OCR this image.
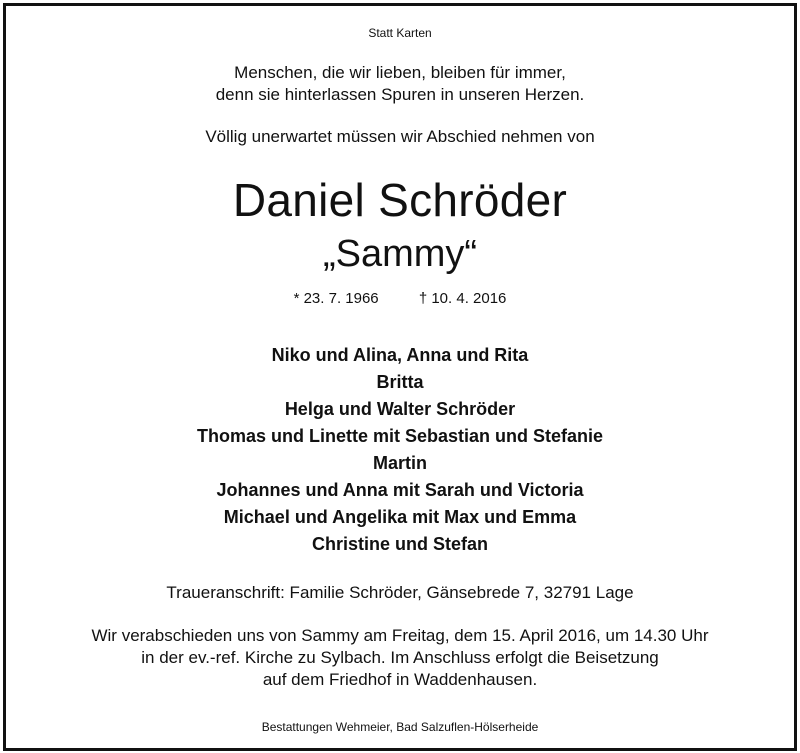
Statt Karten
Menschen, die wir lieben, bleiben für immer,
denn sie hinterlassen Spuren in unseren Herzen.
Völlig unerwartet müssen wir Abschied nehmen von
Daniel Schröder
„Sammy“
* 23. 7. 1966	† 10. 4. 2016
Niko und Alina, Anna und Rita
Britta
Helga und Walter Schröder
Thomas und Linette mit Sebastian und Stefanie
Martin
Johannes und Anna mit Sarah und Victoria
Michael und Angelika mit Max und Emma
Christine und Stefan
Traueranschrift: Familie Schröder, Gänsebrede 7, 32791 Lage
Wir verabschieden uns von Sammy am Freitag, dem 15. April 2016, um 14.30 Uhr
in der ev.-ref. Kirche zu Sylbach. Im Anschluss erfolgt die Beisetzung
auf dem Friedhof in Waddenhausen.
Bestattungen Wehmeier, Bad Salzuflen-Hölserheide
